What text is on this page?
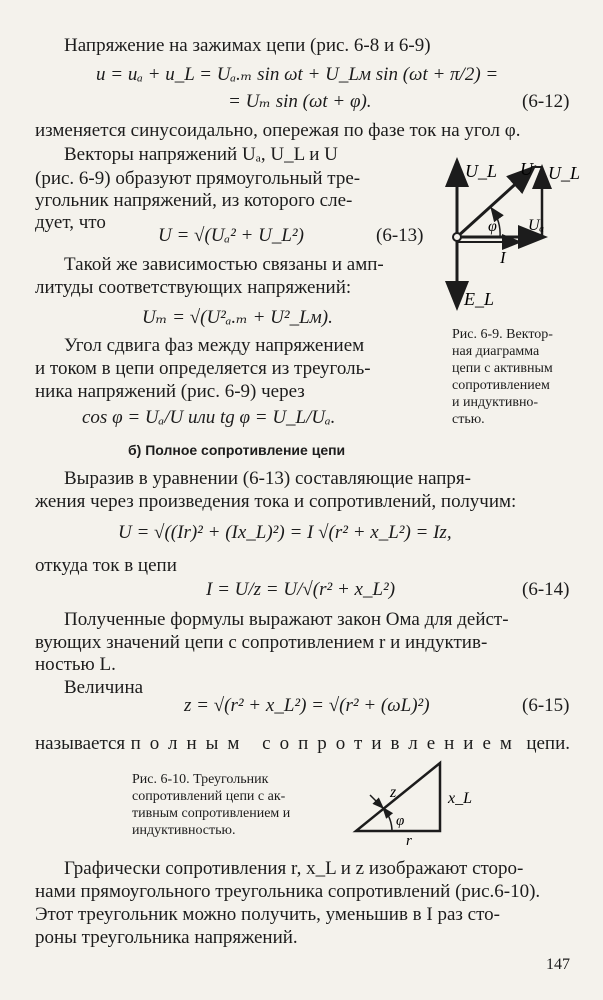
Напряжение на зажимах цепи (рис. 6-8 и 6-9)
u = uₐ + u_L = Uₐ.ₘ sin ωt + U_Lм sin (ωt + π/2) =
= Uₘ sin (ωt + φ).	(6-12)
изменяется синусоидально, опережая по фазе ток на угол φ.
Векторы напряжений Uₐ, U_L и U
(рис. 6-9) образуют прямоугольный тре-
угольник напряжений, из которого сле-
дует, что
U = √(Uₐ² + U_L²)	(6-13)
Такой же зависимостью связаны и амп-
литуды соответствующих напряжений:
Uₘ = √(U²ₐ.ₘ + U²_Lм).
Угол сдвига фаз между напряжением
и током в цепи определяется из треуголь-
ника напряжений (рис. 6-9) через
cos φ = Uₐ/U или tg φ = U_L/Uₐ.
U_L U U_L
φ Uₐ
I
E_L
Рис. 6-9. Вектор-
ная диаграмма
цепи с активным
сопротивлением
и индуктивно-
стью.
б) Полное сопротивление цепи
Выразив в уравнении (6-13) составляющие напря-
жения через произведения тока и сопротивлений, получим:
U = √((Ir)² + (Ix_L)²) = I √(r² + x_L²) = Iz,
откуда ток в цепи
I = U/z = U/√(r² + x_L²)	(6-14)
Полученные формулы выражают закон Ома для дейст-
вующих значений цепи с сопротивлением r и индуктив-
ностью L.
Величина
z = √(r² + x_L²) = √(r² + (ωL)²)	(6-15)
называется полным сопротивлением цепи.
Рис. 6-10. Треугольник
сопротивлений цепи с ак-
тивным сопротивлением и
индуктивностью.
z	x_L
φ
r
Графически сопротивления r, x_L и z изображают сторо-
нами прямоугольного треугольника сопротивлений (рис.6-10).
Этот треугольник можно получить, уменьшив в I раз сто-
роны треугольника напряжений.
147
